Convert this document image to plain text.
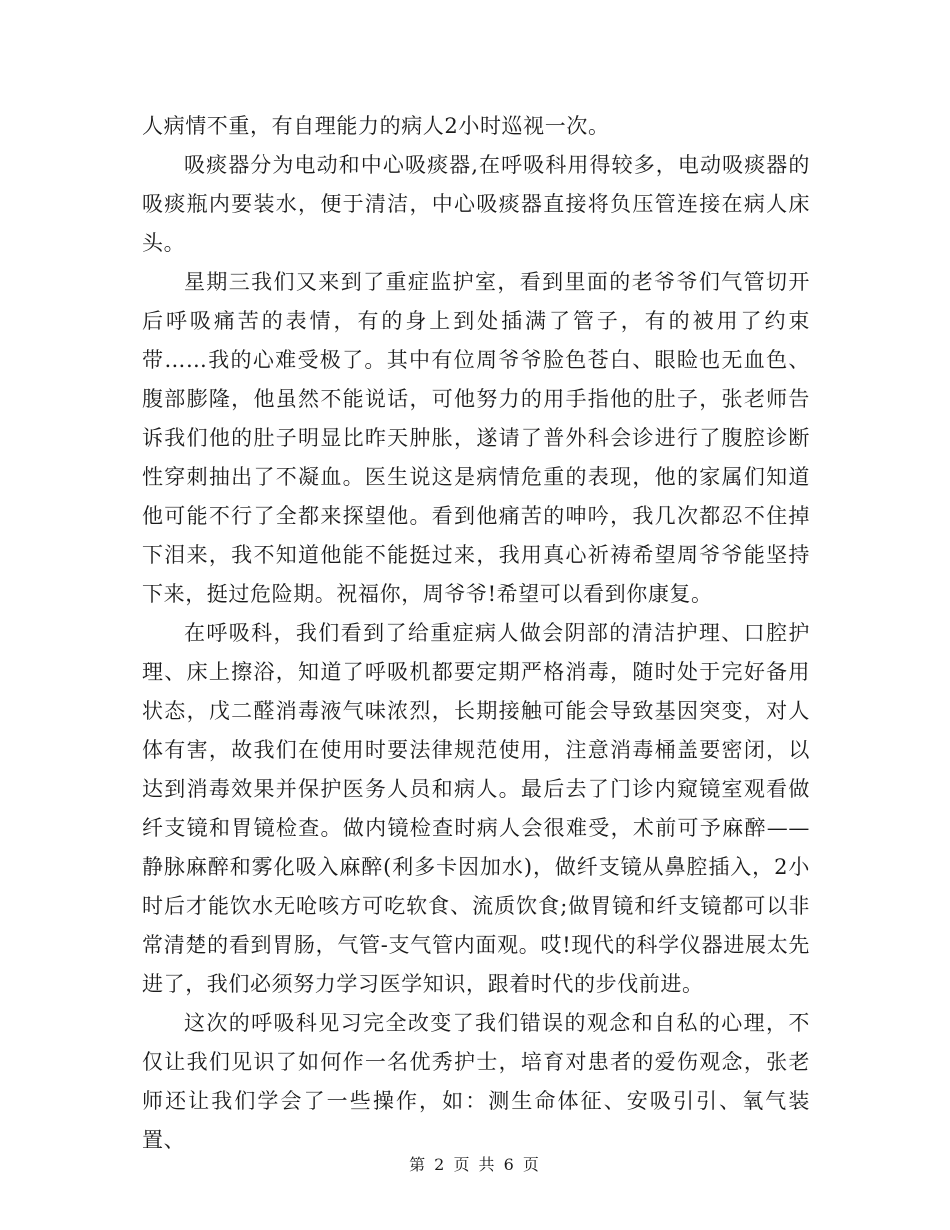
人病情不重，有自理能力的病人2小时巡视一次。

吸痰器分为电动和中心吸痰器,在呼吸科用得较多，电动吸痰器的吸痰瓶内要装水，便于清洁，中心吸痰器直接将负压管连接在病人床头。

星期三我们又来到了重症监护室，看到里面的老爷爷们气管切开后呼吸痛苦的表情，有的身上到处插满了管子，有的被用了约束带……我的心难受极了。其中有位周爷爷脸色苍白、眼睑也无血色、腹部膨隆，他虽然不能说话，可他努力的用手指他的肚子，张老师告诉我们他的肚子明显比昨天肿胀，遂请了普外科会诊进行了腹腔诊断性穿刺抽出了不凝血。医生说这是病情危重的表现，他的家属们知道他可能不行了全都来探望他。看到他痛苦的呻吟，我几次都忍不住掉下泪来，我不知道他能不能挺过来，我用真心祈祷希望周爷爷能坚持下来，挺过危险期。祝福你，周爷爷!希望可以看到你康复。

在呼吸科，我们看到了给重症病人做会阴部的清洁护理、口腔护理、床上擦浴，知道了呼吸机都要定期严格消毒，随时处于完好备用状态，戊二醛消毒液气味浓烈，长期接触可能会导致基因突变，对人体有害，故我们在使用时要法律规范使用，注意消毒桶盖要密闭，以达到消毒效果并保护医务人员和病人。最后去了门诊内窥镜室观看做纤支镜和胃镜检查。做内镜检查时病人会很难受，术前可予麻醉——静脉麻醉和雾化吸入麻醉(利多卡因加水)，做纤支镜从鼻腔插入，2小时后才能饮水无呛咳方可吃软食、流质饮食;做胃镜和纤支镜都可以非常清楚的看到胃肠，气管-支气管内面观。哎!现代的科学仪器进展太先进了，我们必须努力学习医学知识，跟着时代的步伐前进。

这次的呼吸科见习完全改变了我们错误的观念和自私的心理，不仅让我们见识了如何作一名优秀护士，培育对患者的爱伤观念，张老师还让我们学会了一些操作，如：测生命体征、安吸引引、氧气装置、

第 2 页 共 6 页
